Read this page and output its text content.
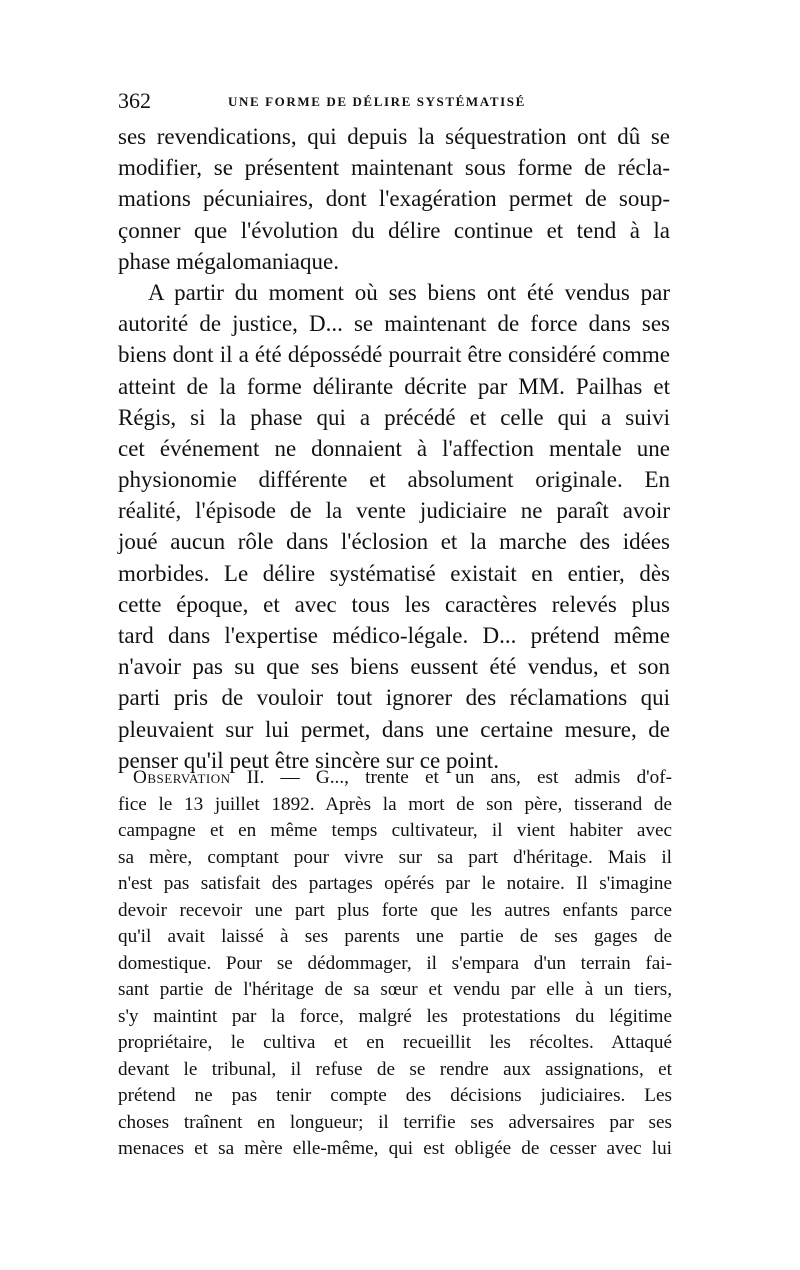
362	UNE FORME DE DÉLIRE SYSTÉMATISÉ
ses revendications, qui depuis la séquestration ont dû se
modifier, se présentent maintenant sous forme de récla-
mations pécuniaires, dont l'exagération permet de soup-
çonner que l'évolution du délire continue et tend à la
phase mégalomaniaque.
A partir du moment où ses biens ont été vendus par
autorité de justice, D... se maintenant de force dans ses
biens dont il a été dépossédé pourrait être considéré comme
atteint de la forme délirante décrite par MM. Pailhas et
Régis, si la phase qui a précédé et celle qui a suivi
cet événement ne donnaient à l'affection mentale une
physionomie différente et absolument originale. En
réalité, l'épisode de la vente judiciaire ne paraît avoir
joué aucun rôle dans l'éclosion et la marche des idées
morbides. Le délire systématisé existait en entier, dès
cette époque, et avec tous les caractères relevés plus
tard dans l'expertise médico-légale. D... prétend même
n'avoir pas su que ses biens eussent été vendus, et son
parti pris de vouloir tout ignorer des réclamations qui
pleuvaient sur lui permet, dans une certaine mesure, de
penser qu'il peut être sincère sur ce point.
Observation II. — G..., trente et un ans, est admis d'of-
fice le 13 juillet 1892. Après la mort de son père, tisserand de
campagne et en même temps cultivateur, il vient habiter avec
sa mère, comptant pour vivre sur sa part d'héritage. Mais il
n'est pas satisfait des partages opérés par le notaire. Il s'imagine
devoir recevoir une part plus forte que les autres enfants parce
qu'il avait laissé à ses parents une partie de ses gages de
domestique. Pour se dédommager, il s'empara d'un terrain fai-
sant partie de l'héritage de sa sœur et vendu par elle à un tiers,
s'y maintint par la force, malgré les protestations du légitime
propriétaire, le cultiva et en recueillit les récoltes. Attaqué
devant le tribunal, il refuse de se rendre aux assignations, et
prétend ne pas tenir compte des décisions judiciaires. Les
choses traînent en longueur; il terrifie ses adversaires par ses
menaces et sa mère elle-même, qui est obligée de cesser avec lui
